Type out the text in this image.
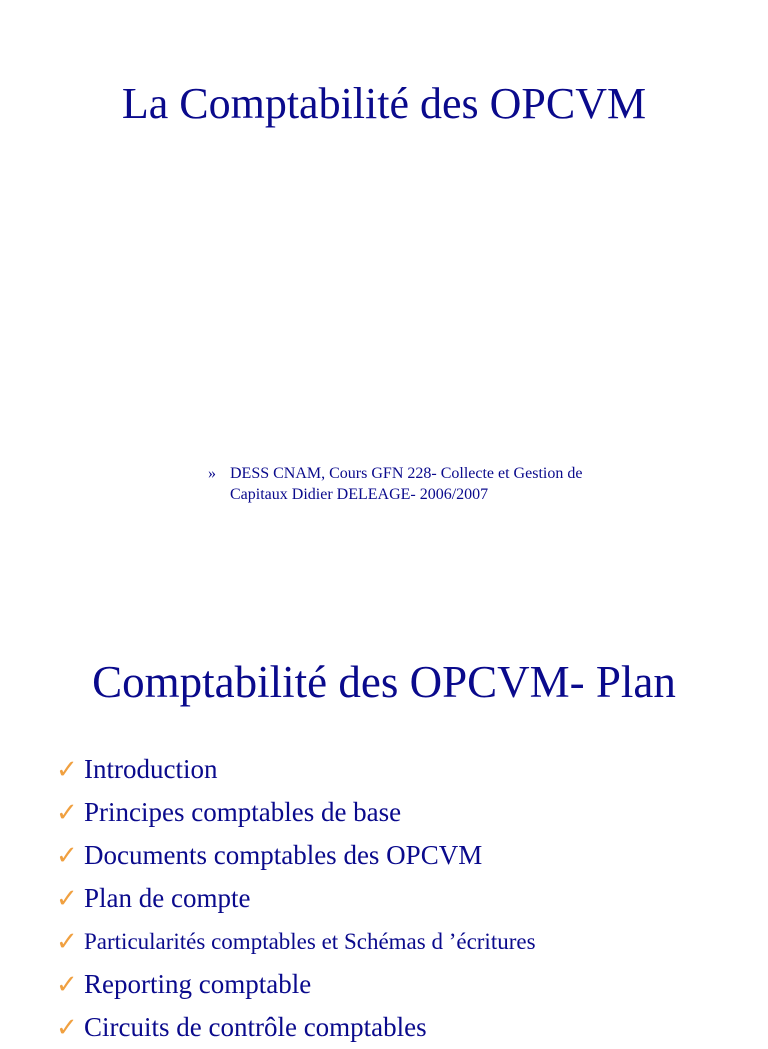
La Comptabilité des OPCVM
» DESS CNAM, Cours GFN 228- Collecte et Gestion de
Capitaux Didier DELEAGE- 2006/2007
Comptabilité des OPCVM- Plan
✓ Introduction
✓ Principes comptables de base
✓ Documents comptables des OPCVM
✓ Plan de compte
✓ Particularités comptables et Schémas d ’écritures
✓ Reporting comptable
✓ Circuits de contrôle comptables
